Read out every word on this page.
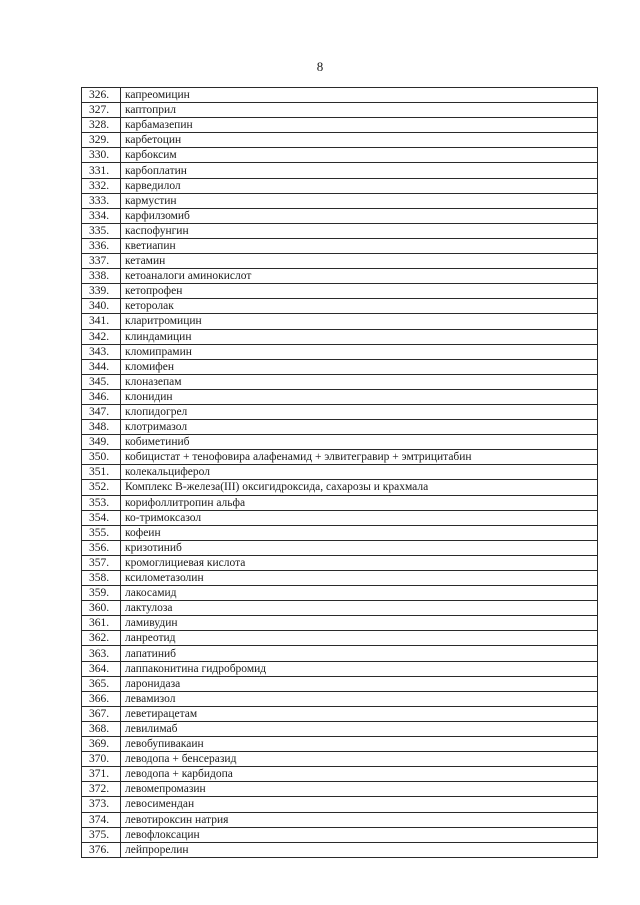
8
326.	капреомицин
327.	каптоприл
328.	карбамазепин
329.	карбетоцин
330.	карбоксим
331.	карбоплатин
332.	карведилол
333.	кармустин
334.	карфилзомиб
335.	каспофунгин
336.	кветиапин
337.	кетамин
338.	кетоаналоги аминокислот
339.	кетопрофен
340.	кеторолак
341.	кларитромицин
342.	клиндамицин
343.	кломипрамин
344.	кломифен
345.	клоназепам
346.	клонидин
347.	клопидогрел
348.	клотримазол
349.	кобиметиниб
350.	кобицистат + тенофовира алафенамид + элвитегравир + эмтрицитабин
351.	колекальциферол
352.	Комплекс В-железа(III) оксигидроксида, сахарозы и крахмала
353.	корифоллитропин альфа
354.	ко-тримоксазол
355.	кофеин
356.	кризотиниб
357.	кромоглициевая кислота
358.	ксилометазолин
359.	лакосамид
360.	лактулоза
361.	ламивудин
362.	ланреотид
363.	лапатиниб
364.	лаппаконитина гидробромид
365.	ларонидаза
366.	левамизол
367.	леветирацетам
368.	левилимаб
369.	левобупивакаин
370.	леводопа + бенсеразид
371.	леводопа + карбидопа
372.	левомепромазин
373.	левосимендан
374.	левотироксин натрия
375.	левофлоксацин
376.	лейпрорелин
